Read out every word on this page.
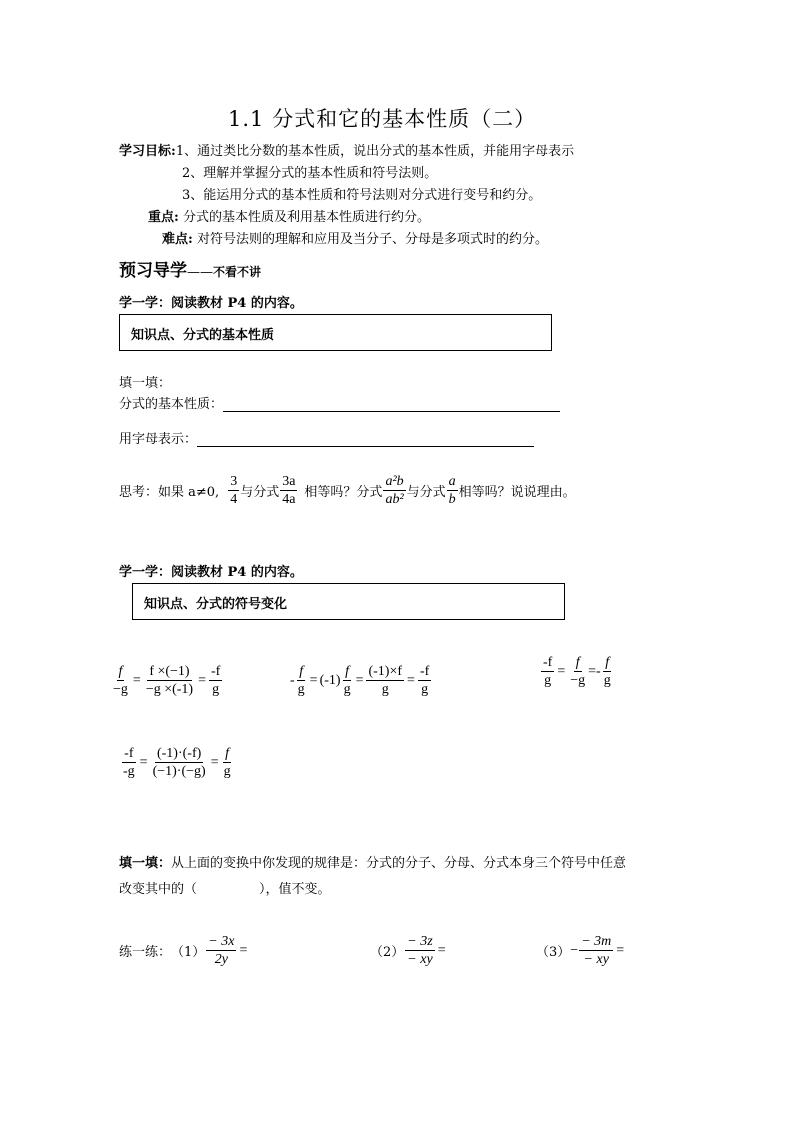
1.1 分式和它的基本性质（二）
学习目标:1、通过类比分数的基本性质，说出分式的基本性质，并能用字母表示
2、理解并掌握分式的基本性质和符号法则。
3、能运用分式的基本性质和符号法则对分式进行变号和约分。
重点: 分式的基本性质及利用基本性质进行约分。
难点: 对符号法则的理解和应用及当分子、分母是多项式时的约分。
预习导学——不看不讲
学一学：阅读教材 P4 的内容。
知识点、分式的基本性质
填一填：
分式的基本性质：
用字母表示：
思考：如果 a≠0, $\frac{3}{4}$ 与分式 $\frac{3a}{4a}$ 相等吗？分式 $\frac{\text{a²b}}{\text{ab²}}$ 与分式 $\frac{a}{b}$ 相等吗？说说理由。
学一学：阅读教材 P4 的内容。
知识点、分式的符号变化
$\frac{f}{-g} = \frac{f \times(-1)}{-g \times(-1)} = \frac{-f}{g}$	- $\frac{f}{g} = (-1) \frac{f}{g} = \frac{(-1)\times f}{g} = \frac{-f}{g}$	$\frac{-f}{g} = \frac{f}{-g} =- \frac{f}{g}$
$\frac{-f}{-g} = \frac{(-1)\cdot(-f)}{(-1)\cdot(-g)} = \frac{f}{g}$
填一填：从上面的变换中你发现的规律是：分式的分子、分母、分式本身三个符号中任意
改变其中的（	），值不变。
练一练： $(1) \frac{- 3x}{2y}$ =	$(2) \frac{- 3z}{- xy}$ =	$(3) - \frac{- 3m}{- xy}$ =
